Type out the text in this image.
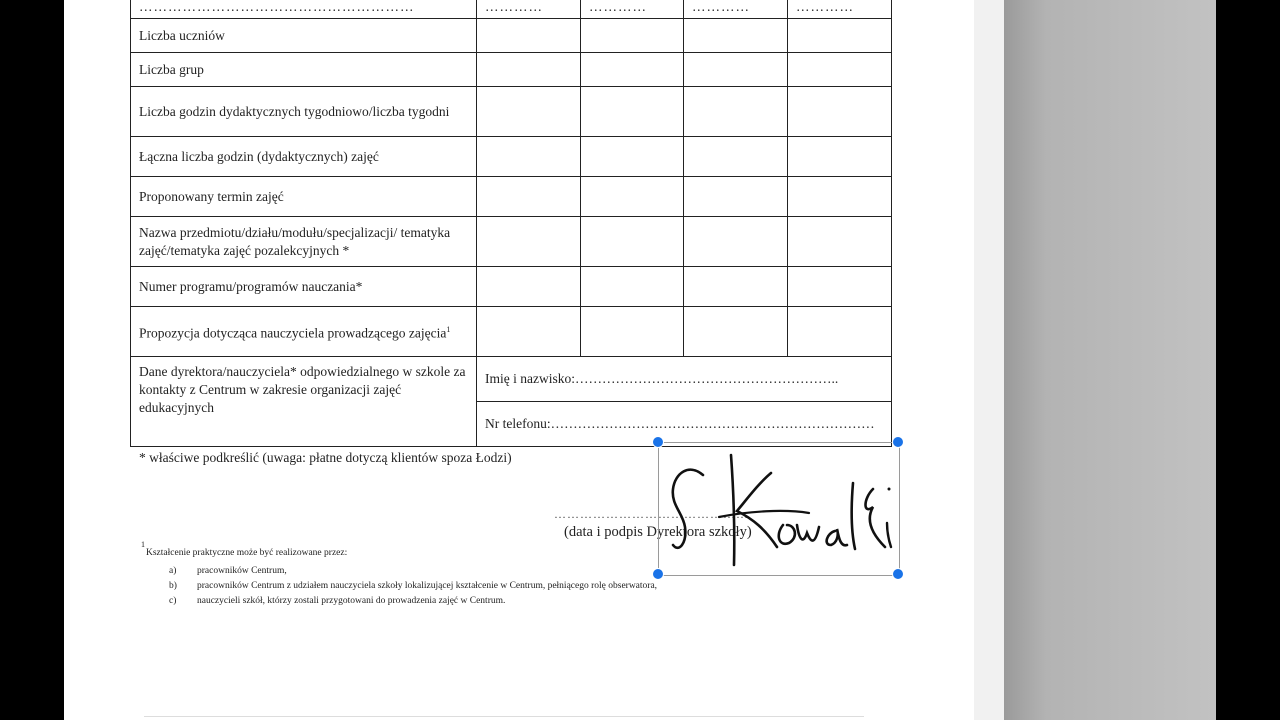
…………………………………………………	…………	…………	…………	…………
Liczba uczniów				
Liczba grup				
Liczba godzin dydaktycznych tygodniowo/liczba tygodni				
Łączna liczba godzin (dydaktycznych) zajęć				
Proponowany termin zajęć				
Nazwa przedmiotu/działu/modułu/specjalizacji/ tematyka zajęć/tematyka zajęć pozalekcyjnych *				
Numer programu/programów nauczania*				
Propozycja dotycząca nauczyciela prowadzącego zajęcia$^1$				
Dane dyrektora/nauczyciela* odpowiedzialnego w szkole za kontakty z Centrum w zakresie organizacji zajęć edukacyjnych	
Imię i nazwisko:…………………………………………………..
Nr telefonu:………………………………………………………………
* właściwe podkreślić (uwaga: płatne dotyczą klientów spoza Łodzi)
………………………………………
(data i podpis Dyrektora szkoły)
1
Kształcenie praktyczne może być realizowane przez:
a) pracowników Centrum,
b) pracowników Centrum z udziałem nauczyciela szkoły lokalizującej kształcenie w Centrum, pełniącego rolę obserwatora,
c) nauczycieli szkół, którzy zostali przygotowani do prowadzenia zajęć w Centrum.
